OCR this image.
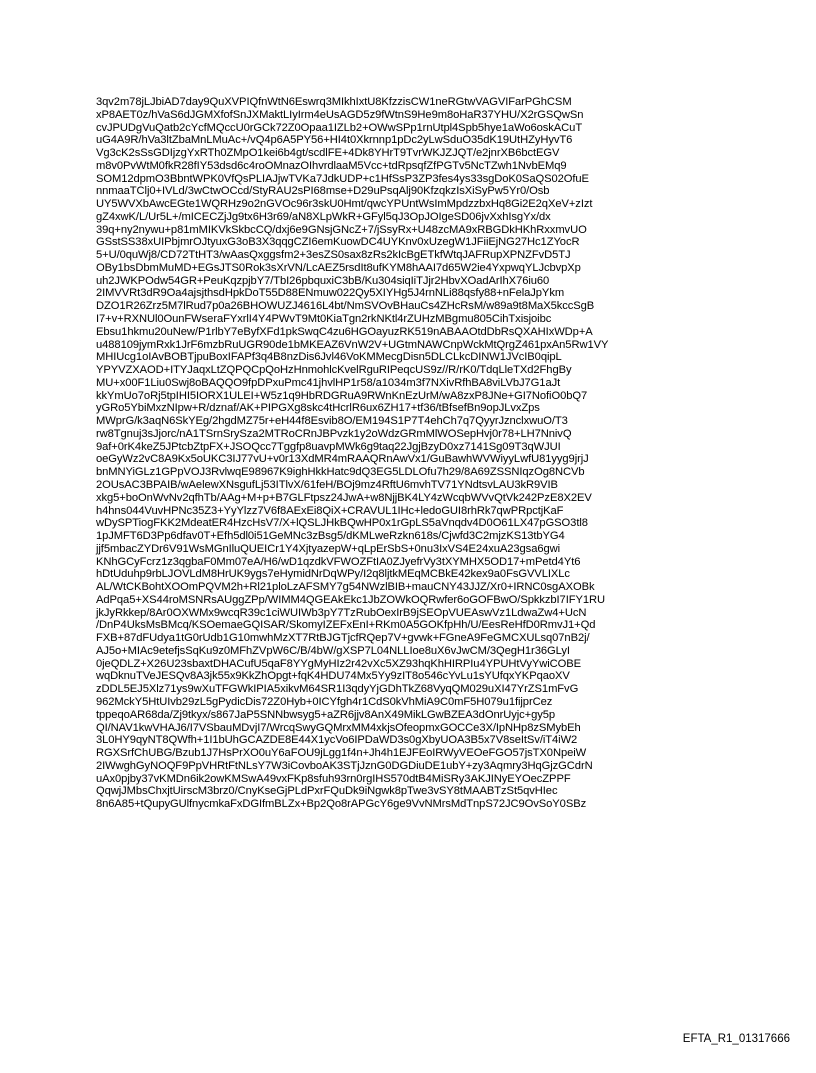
3qv2m78jLJbiAD7day9QuXVPIQfnWtN6Eswrq3MIkhIxtU8KfzzisCW1neRGtwVAGVIFarPGhCSM
xP8AET0z/hVaS6dJGMXfofSnJXMaktLIyIrm4eUsAGD5z9fWtnS9He9m8oHaR37YHU/X2rGSQwSn
cvJPUDgVuQatb2cYcfMQccU0rGCk72Z0Opaa1IZLb2+OWwSPp1rnUtpl4Spb5hye1aWo6oskACuT
uG4A9R/hVa3ltZbaMnLMuAc+/vQ4p6A5PY56+HI4t0Xkrnnp1pDc2yLwSduO35dK19UtHZyHyvT6
Vg3cK2sSsGDIjzgYxRTh0ZMpO1kei6b4gt/scdlFE+4Dk8YHrT9TvrWKJZJQT/e2jnrXB6bctEGV
m8v0PvWtM0fkR28fIY53dsd6c4roOMnazOIhvrdlaaM5Vcc+tdRpsqfZfPGTv5NcTZwh1NvbEMq9
SOM12dpmO3BbntWPK0VfQsPLIAJjwTVKa7JdkUDP+c1HfSsP3ZP3fes4ys33sgDoK0SaQS02OfuE
nnmaaTClj0+IVLd/3wCtwOCcd/StyRAU2sPI68mse+D29uPsqAlj90KfzqkzIsXiSyPw5Yr0/Osb
UY5WVXbAwcEGte1WQRHz9o2nGVOc96r3skU0Hmt/qwcYPUntWsImMpdzzbxHq8Gi2E2qXeV+zIzt
gZ4xwK/L/Ur5L+/mICECZjJg9tx6H3r69/aN8XLpWkR+GFyl5qJ3OpJOIgeSD06jvXxhIsgYx/dx
39q+ny2nywu+p81mMIKVkSkbcCQ/dxj6e9GNsjGNcZ+7/jSsyRx+U48zcMA9xRBGDkHKhRxxmvUO
GSstSS38xUIPbjmrOJtyuxG3oB3X3qqgCZI6emKuowDC4UYKnv0xUzegW1JFiiEjNG27Hc1ZYocR
5+U/0quWj8/CD72TtHT3/wAasQxggsfm2+3esZS0sax8zRs2kIcBgETkfWtqJAFRupXPNZFvD5TJ
OBy1bsDbmMuMD+EGsJTS0Rok3sXrVN/LcAEZ5rsdIt8ufKYM8hAAI7d65W2ie4YxpwqYLJcbvpXp
uh2JWKPOdw54GR+PeuKqzpjbY7/TbI26pbquxiC3bB/Ku304siqIiTJjr2HbvXOadArIhX76iu60
2IMVVRt3dR9Oa4ajsjthsdHpkDoT55D88ENmuw022Qy5XIYHg5J4rnNLi88qsfy88+nFelaJpYkm
DZO1R26Zrz5M7lRud7p0a26BHOWUZJ4616L4bt/NmSVOvBHauCs4ZHcRsM/w89a9t8MaX5kccSgB
I7+v+RXNUl0OunFWseraFYxrlI4Y4PWvT9Mt0KiaTgn2rkNKtl4rZUHzMBgmu805CihTxisjoibc
Ebsu1hkmu20uNew/P1rlbY7eByfXFd1pkSwqC4zu6HGOayuzRK519nABAAOtdDbRsQXAHIxWDp+A
u488109jymRxk1JrF6mzbRuUGR90de1bMKEAZ6VnW2V+UGtmNAWCnpWckMtQrgZ461pxAn5Rw1VY
MHIUcg1oIAvBOBTjpuBoxIFAPf3q4B8nzDis6Jvl46VoKMMecgDisn5DLCLkcDINW1JVcIB0qipL
YPYVZXAOD+ITYJaqxLtZQPQCpQoHzHnmohlcKvelRguRIPeqcUS9z//R/rK0/TdqLleTXd2FhgBy
MU+x00F1Liu0Swj8oBAQQO9fpDPxuPmc41jhvlHP1r58/a1034m3f7NXivRfhBA8viLVbJ7G1aJt
kkYmUo7oRj5tpIHI5IORX1ULEI+W5z1q9HbRDGRuA9RWnKnEzUrM/wA8zxP8JNe+GI7NofiO0bQ7
yGRo5YbiMxzNIpw+R/dznaf/AK+PIPGXg8skc4tHcrlR6ux6ZH17+tf36/tBfsefBn9opJLvxZps
MWprG/k3aqN6SkYEg/2hgdMZ75r+eH44f8Esvib8O/EM194S1P7T4ehCh7q7QyyrJznclxwuO/T3
rw8Tgnuj3sJjorc/nA1TSrnSrySza2MTRoCRnJBPvzk1y2oWdzGRmMlWOSepHvj0r78+LH7NnivQ
9af+0rK4keZ5JPtcbZtpFX+JSOQcc7Tggfp8uavpMWk6g9taq22JgjBzyD0xz7141Sg09T3qWJUI
oeGyWz2vC8A9Kx5oUKC3IJ77vU+v0r13XdMR4mRAAQRnAwVx1/GuBawhWVWiyyLwfU81yyg9jrjJ
bnMNYiGLz1GPpVOJ3RvlwqE98967K9ighHkkHatc9dQ3EG5LDLOfu7h29/8A69ZSSNIqzOg8NCVb
2OUsAC3BPAIB/wAelewXNsgufLj53ITlvX/61feH/BOj9mz4RftU6mvhTV71YNdtsvLAU3kR9VIB
xkg5+boOnWvNv2qfhTb/AAg+M+p+B7GLFtpsz24JwA+w8NjjBK4LY4zWcqbWVvQtVk242PzE8X2EV
h4hns044VuvHPNc35Z3+YyYlzz7V6f8AExEi8QiX+CRAVUL1IHc+ledoGUI8rhRk7qwPRpctjKaF
wDySPTiogFKK2MdeatER4HzcHsV7/X+lQSLJHkBQwHP0x1rGpLS5aVnqdv4D0O61LX47pGSO3tl8
1pJMFT6D3Pp6dfav0T+Efh5dl0i51GeMNc3zBsg5/dKMLweRzkn618s/Cjwfd3C2mjzKS13tbYG4
jjf5mbacZYDr6V91WsMGnIluQUEICr1Y4XjtyazepW+qLpErSbS+0nu3IxVS4E24xuA23gsa6gwi
KNhGCyFcrz1z3qgbaF0Mm07eA/H6/wD1qzdkVFWOZFtIA0ZJyefrVy3tXYMHX5OD17+mPetd4Yt6
hDtUduhp9rbLJOVLdM8HrUK9ygs7eHymidNrDqWPy/I2q8ljtkMEqMCBkE42kex9a0FsGVVLIXLc
AL/WtCKBohtXOOmPQVM2h+Rl21ploLzAFSMY7g54NWzlBIB+mauCNY43JJZ/Xr0+IRNC0sgAXOBk
AdPqa5+XS44roMSNRsAUggZPp/WIMM4QGEAkEkc1JbZOWkOQRwfer6oGOFBwO/SpkkzbI7IFY1RU
jkJyRkkep/8Ar0OXWMx9wcqR39c1ciWUIWb3pY7TzRubOexIrB9jSEOpVUEAswVz1LdwaZw4+UcN
/DnP4UksMsBMcq/KSOemaeGQISAR/SkomyIZEFxEnI+RKm0A5GOKfpHh/U/EesReHfD0RmvJ1+Qd
FXB+87dFUdya1tG0rUdb1G10mwhMzXT7RtBJGTjcfRQep7V+gvwk+FGneA9FeGMCXULsq07nB2j/
AJ5o+MIAc9etefjsSqKu9z0MFhZVpW6C/B/4bW/gXSP7L04NLLIoe8uX6vJwCM/3QegH1r36GLyI
0jeQDLZ+X26U23sbaxtDHACufU5qaF8YYgMyHIz2r42vXc5XZ93hqKhHIRPIu4YPUHtVyYwiCOBE
wqDknuTVeJESQv8A3jk55x9KkZhOpgt+fqK4HDU74Mx5Yy9zIT8o546cYvLu1sYUfqxYKPqaoXV
zDDL5EJ5Xlz71ys9wXuTFGWkIPIA5xikvM64SR1I3qdyYjGDhTkZ68VyqQM029uXI47YrZS1mFvG
962MckY5HtUIvb29zL5gPydicDis72Z0Hyb+0ICYfgh4r1CdS0kVhMiA9C0mF5H079u1fijprCez
tppeqoAR68da/Zj9tkyx/s867JaP5SNNbwsyg5+aZR6jjv8AnX49MikLGwBZEA3dOnrUyjc+gy5p
QI/NAV1kwVHAJ6/I7VSbauMDvjI7/WrcqSwyGQMrxMM4xkjsOfeopmxGOCCe3X/IpNHp8zSMybEh
3L0HY9qyNT8QWfh+1I1bUhGCAZDE8E44X1ycVo6IPDaWD3s0gXbyUOA3B5x7V8seItSv/iT4iW2
RGXSrfChUBG/Bzub1J7HsPrXO0uY6aFOU9jLgg1f4n+Jh4h1EJFEoIRWyVEOeFGO57jsTX0NpeiW
2IWwghGyNOQF9PpVHRtFtNLsY7W3iCovboAK3STjJznG0DGDiuDE1ubY+zy3Aqmry3HqGjzGCdrN
uAx0pjby37vKMDn6ik2owKMSwA49vxFKp8sfuh93rn0rgIHS570dtB4MiSRy3AKJINyEYOecZPPF
QqwjJMbsChxjtUirscM3brz0/CnyKseGjPLdPxrFQuDk9iNgwk8pTwe3vSY8tMAABTzSt5qvHIec
8n6A85+tQupyGUlfnycmkaFxDGIfmBLZx+Bp2Qo8rAPGcY6ge9VvNMrsMdTnpS72JC9OvSoY0SBz
EFTA_R1_01317666
